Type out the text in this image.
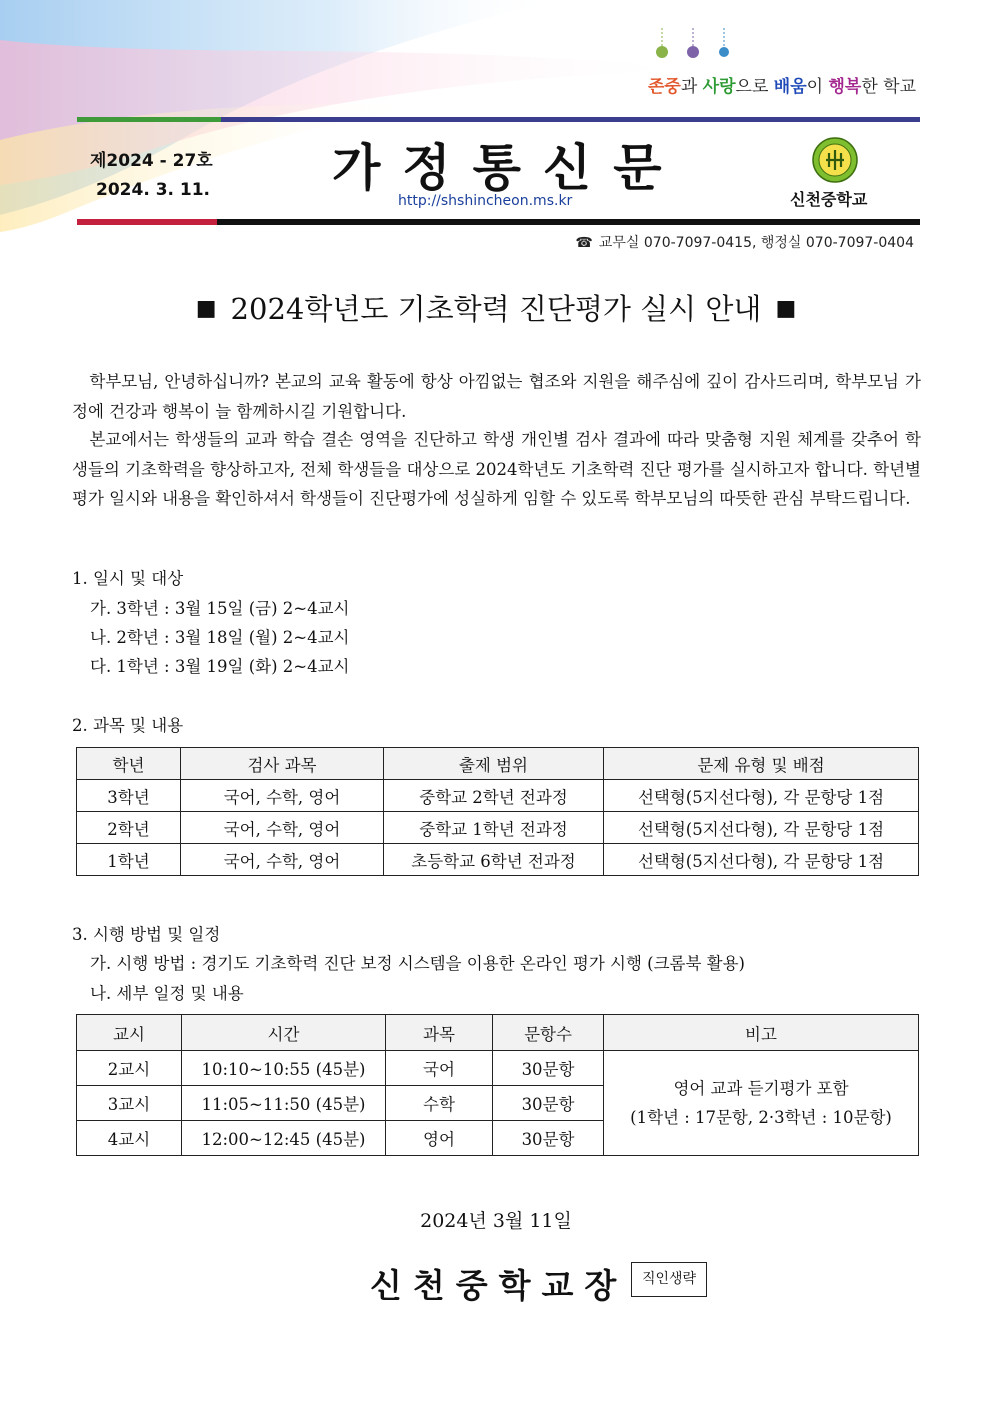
존중과 사랑으로 배움이 행복한 학교
제2024 - 27호
2024. 3. 11. 가정통신문
http://shshincheon.ms.kr	신천중학교
☎ 교무실 070-7097-0415, 행정실 070-7097-0404
■ 2024학년도 기초학력 진단평가 실시 안내 ■

　학부모님, 안녕하십니까? 본교의 교육 활동에 항상 아낌없는 협조와 지원을 해주심에 깊이 감사드리며, 학부모님 가정에 건강과 행복이 늘 함께하시길 기원합니다.

　본교에서는 학생들의 교과 학습 결손 영역을 진단하고 학생 개인별 검사 결과에 따라 맞춤형 지원 체계를 갖추어 학생들의 기초학력을 향상하고자, 전체 학생들을 대상으로 2024학년도 기초학력 진단 평가를 실시하고자 합니다. 학년별 평가 일시와 내용을 확인하셔서 학생들이 진단평가에 성실하게 임할 수 있도록 학부모님의 따뜻한 관심 부탁드립니다.

1. 일시 및 대상

가. 3학년 : 3월 15일 (금) 2~4교시

나. 2학년 : 3월 18일 (월) 2~4교시

다. 1학년 : 3월 19일 (화) 2~4교시

2. 과목 및 내용

학년	검사 과목	출제 범위	문제 유형 및 배점
3학년	국어, 수학, 영어	중학교 2학년 전과정	선택형(5지선다형), 각 문항당 1점
2학년	국어, 수학, 영어	중학교 1학년 전과정	선택형(5지선다형), 각 문항당 1점
1학년	국어, 수학, 영어	초등학교 6학년 전과정	선택형(5지선다형), 각 문항당 1점

3. 시행 방법 및 일정

가. 시행 방법 : 경기도 기초학력 진단 보정 시스템을 이용한 온라인 평가 시행 (크롬북 활용)

나. 세부 일정 및 내용

교시	시간	과목	문항수	비고
2교시	10:10~10:55 (45분)	국어	30문항	영어 교과 듣기평가 포함
(1학년 : 17문항, 2·3학년 : 10문항)

3교시	11:05~11:50 (45분)	수학	30문항	
4교시	12:00~12:45 (45분)	영어	30문항	
2024년 3월 11일
신천중학교장	직인생략
